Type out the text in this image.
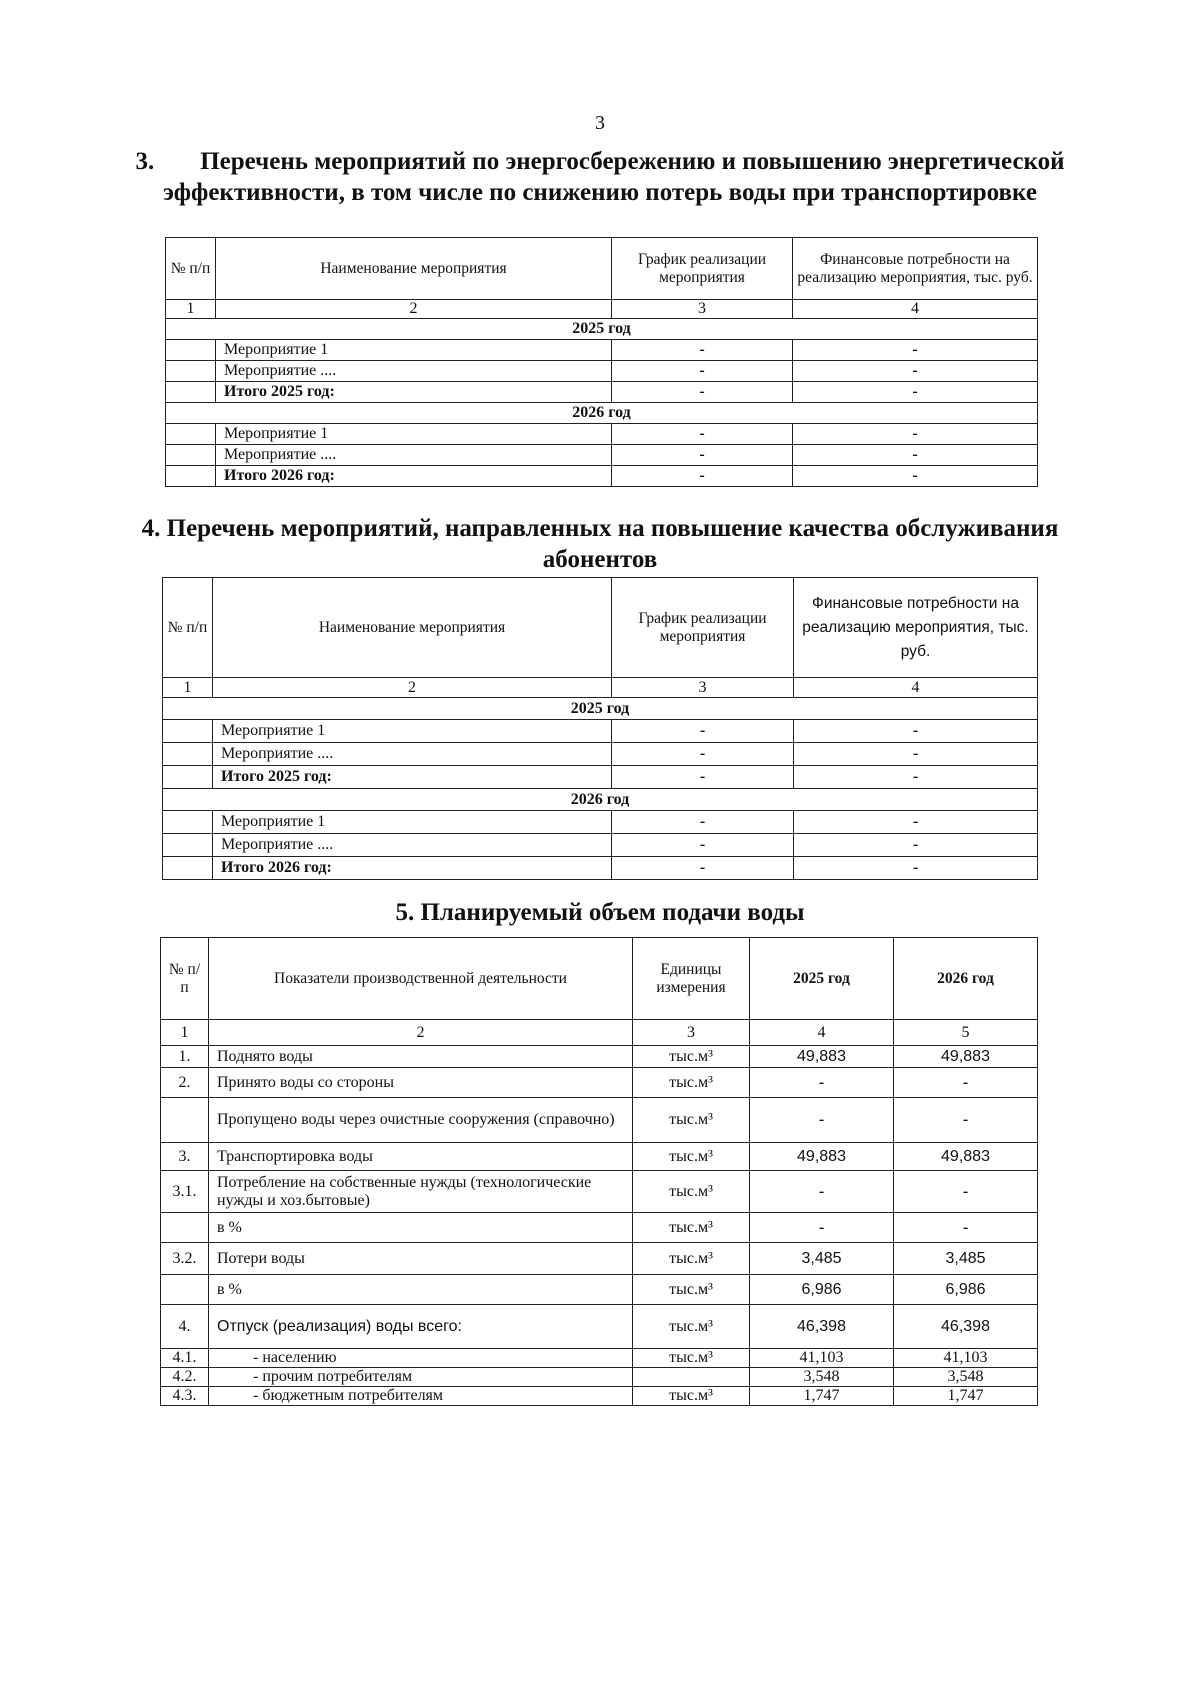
3
3. Перечень мероприятий по энергосбережению и повышению энергетической эффективности, в том числе по снижению потерь воды при транспортировке
№ п/п	Наименование мероприятия	График реализации мероприятия	Финансовые потребности на реализацию мероприятия, тыс. руб.
1	2	3	4
2025 год			
	Мероприятие 1	-	-
	Мероприятие ....	-	-
	Итого 2025 год:	-	-
2026 год			
	Мероприятие 1	-	-
	Мероприятие ....	-	-
	Итого 2026 год:	-	-
4. Перечень мероприятий, направленных на повышение качества обслуживания абонентов
№ п/п	Наименование мероприятия	График реализации мероприятия	Финансовые потребности на реализацию мероприятия, тыс. руб.
1	2	3	4
2025 год			
	Мероприятие 1	-	-
	Мероприятие ....	-	-
	Итого 2025 год:	-	-
2026 год			
	Мероприятие 1	-	-
	Мероприятие ....	-	-
	Итого 2026 год:	-	-
5. Планируемый объем подачи воды
№ п/п	Показатели производственной деятельности	Единицы измерения	2025 год	2026 год
1	2	3	4	5
1.	Поднято воды	тыс.м³	49,883	49,883
2.	Принято воды со стороны	тыс.м³	-	-
	Пропущено воды через очистные сооружения (справочно)	тыс.м³	-	-
3.	Транспортировка воды	тыс.м³	49,883	49,883
3.1.	Потребление на собственные нужды (технологические нужды и хоз.бытовые)	тыс.м³	-	-
	в %	тыс.м³	-	-
3.2.	Потери воды	тыс.м³	3,485	3,485
	в %	тыс.м³	6,986	6,986
4.	Отпуск (реализация) воды всего:	тыс.м³	46,398	46,398
4.1.	- населению	тыс.м³	41,103	41,103
4.2.	- прочим потребителям		3,548	3,548
4.3.	- бюджетным потребителям	тыс.м³	1,747	1,747
